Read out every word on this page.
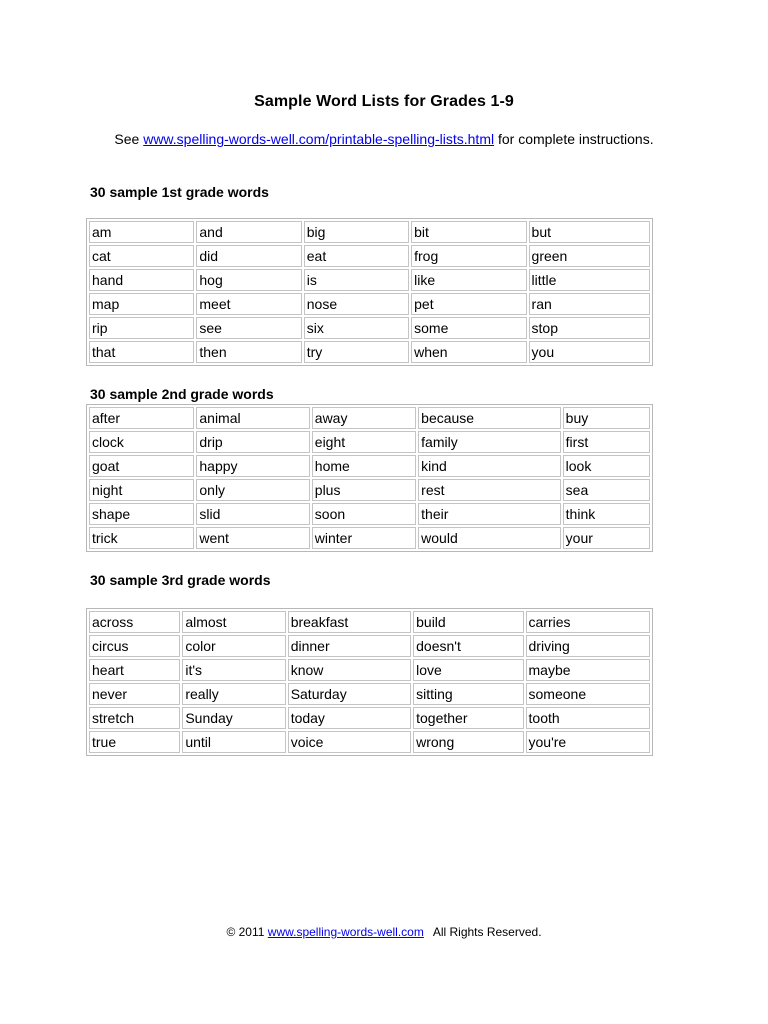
Sample Word Lists for Grades 1-9
See www.spelling-words-well.com/printable-spelling-lists.html for complete instructions.
30 sample 1st grade words
am	and	big	bit	but
cat	did	eat	frog	green
hand	hog	is	like	little
map	meet	nose	pet	ran
rip	see	six	some	stop
that	then	try	when	you
30 sample 2nd grade words
after	animal	away	because	buy
clock	drip	eight	family	first
goat	happy	home	kind	look
night	only	plus	rest	sea
shape	slid	soon	their	think
trick	went	winter	would	your
30 sample 3rd grade words
across	almost	breakfast	build	carries
circus	color	dinner	doesn't	driving
heart	it's	know	love	maybe
never	really	Saturday	sitting	someone
stretch	Sunday	today	together	tooth
true	until	voice	wrong	you're
© 2011 www.spelling-words-well.com All Rights Reserved.
